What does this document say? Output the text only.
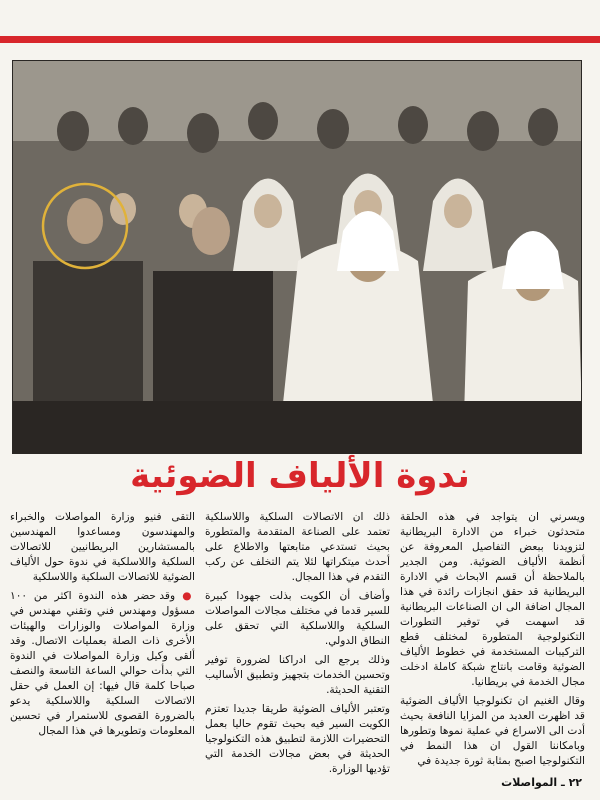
ندوة الألياف الضوئية

التقى فنيو وزارة المواصلات والخبراء والمهندسون ومساعدوا المهندسين بالمستشارين البريطانيين للاتصالات السلكية واللاسلكية في ندوة حول الألياف الضوئية للاتصالات السلكية واللاسلكية

● وقد حضر هذه الندوة اكثر من ١٠٠ مسؤول ومهندس فني وتقني مهندس في وزارة المواصلات والوزارات والهيئات الأخرى ذات الصلة بعمليات الاتصال. وقد ألقى وكيل وزارة المواصلات في الندوة التي بدأت حوالي الساعة التاسعة والنصف صباحا كلمة قال فيها: إن العمل في حقل الاتصالات السلكية واللاسلكية يدعو بالضرورة القصوى للاستمرار في تحسين المعلومات وتطويرها في هذا المجال

ذلك ان الاتصالات السلكية واللاسلكية تعتمد على الصناعة المتقدمة والمتطورة بحيث تستدعي متابعتها والاطلاع على أحدث ميتكراتها لئلا يتم التخلف عن ركب التقدم في هذا المجال.

وأضاف أن الكويت بذلت جهودا كبيرة للسير قدما في مختلف مجالات المواصلات السلكية واللاسلكية التي تحقق على النطاق الدولي.

وذلك يرجع الى ادراكنا لضرورة توفير وتحسين الخدمات بتجهيز وتطبيق الأساليب التقنية الحديثة.

وتعتبر الألياف الضوئية طريقا جديدا تعتزم الكويت السير فيه بحيث تقوم حاليا بعمل التحضيرات اللازمة لتطبيق هذه التكنولوجيا الحديثة في بعض مجالات الخدمة التي تؤديها الوزارة.

ويسرني ان يتواجد في هذه الحلقة متحدثون خبراء من الادارة البريطانية لتزويدنا ببعض التفاصيل المعروفة عن أنظمة الألياف الضوئية. ومن الجدير بالملاحظة أن قسم الابحاث في الادارة البريطانية قد حقق انجازات رائدة في هذا المجال اضافة الى ان الصناعات البريطانية قد اسهمت في توفير التطورات التكنولوجية المتطورة لمختلف قطع التركيبات المستخدمة في خطوط الألياف الضوئية وقامت بانتاج شبكة كاملة ادخلت مجال الخدمة في بريطانيا.

وقال الغنيم ان تكنولوجيا الألياف الضوئية قد اظهرت العديد من المزايا النافعة بحيث أدت الى الاسراع في عملية نموها وتطورها وبامكاننا القول ان هذا النمط في التكنولوجيا اصبح بمثابة ثورة جديدة في

٢٢ ـ المواصلات
